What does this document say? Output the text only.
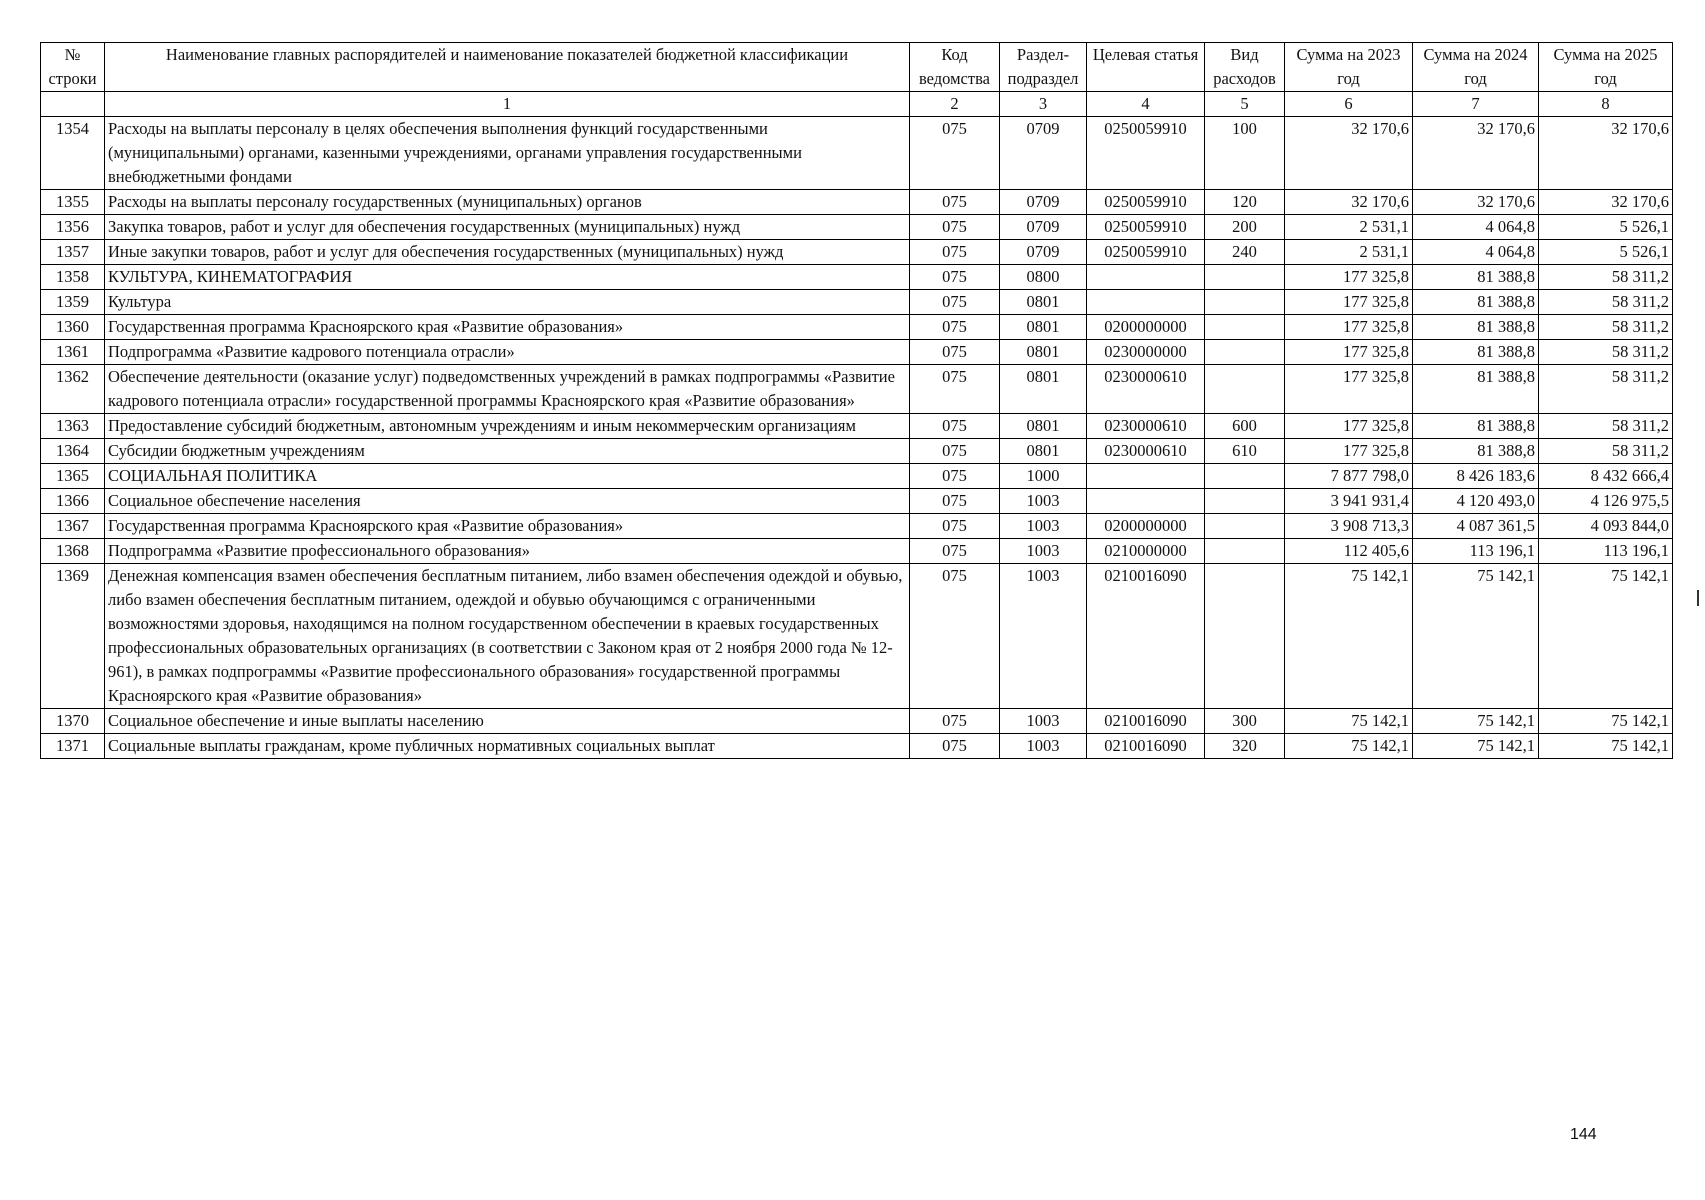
№ строки	Наименование главных распорядителей и наименование показателей бюджетной классификации	Код ведомства	Раздел-подраздел	Целевая статья	Вид расходов	Сумма на 2023 год	Сумма на 2024 год	Сумма на 2025 год
	1	2	3	4	5	6	7	8
1354	Расходы на выплаты персоналу в целях обеспечения выполнения функций государственными (муниципальными) органами, казенными учреждениями, органами управления государственными внебюджетными фондами	075	0709	0250059910	100	32 170,6	32 170,6	32 170,6
1355	Расходы на выплаты персоналу государственных (муниципальных) органов	075	0709	0250059910	120	32 170,6	32 170,6	32 170,6
1356	Закупка товаров, работ и услуг для обеспечения государственных (муниципальных) нужд	075	0709	0250059910	200	2 531,1	4 064,8	5 526,1
1357	Иные закупки товаров, работ и услуг для обеспечения государственных (муниципальных) нужд	075	0709	0250059910	240	2 531,1	4 064,8	5 526,1
1358	КУЛЬТУРА, КИНЕМАТОГРАФИЯ	075	0800			177 325,8	81 388,8	58 311,2
1359	Культура	075	0801			177 325,8	81 388,8	58 311,2
1360	Государственная программа Красноярского края «Развитие образования»	075	0801	0200000000		177 325,8	81 388,8	58 311,2
1361	Подпрограмма «Развитие кадрового потенциала отрасли»	075	0801	0230000000		177 325,8	81 388,8	58 311,2
1362	Обеспечение деятельности (оказание услуг) подведомственных учреждений в рамках подпрограммы «Развитие кадрового потенциала отрасли» государственной программы Красноярского края «Развитие образования»	075	0801	0230000610		177 325,8	81 388,8	58 311,2
1363	Предоставление субсидий бюджетным, автономным учреждениям и иным некоммерческим организациям	075	0801	0230000610	600	177 325,8	81 388,8	58 311,2
1364	Субсидии бюджетным учреждениям	075	0801	0230000610	610	177 325,8	81 388,8	58 311,2
1365	СОЦИАЛЬНАЯ ПОЛИТИКА	075	1000			7 877 798,0	8 426 183,6	8 432 666,4
1366	Социальное обеспечение населения	075	1003			3 941 931,4	4 120 493,0	4 126 975,5
1367	Государственная программа Красноярского края «Развитие образования»	075	1003	0200000000		3 908 713,3	4 087 361,5	4 093 844,0
1368	Подпрограмма «Развитие профессионального образования»	075	1003	0210000000		112 405,6	113 196,1	113 196,1
1369	Денежная компенсация взамен обеспечения бесплатным питанием, либо взамен обеспечения одеждой и обувью, либо взамен обеспечения бесплатным питанием, одеждой и обувью обучающимся с ограниченными возможностями здоровья, находящимся на полном государственном обеспечении в краевых государственных профессиональных образовательных организациях (в соответствии с Законом края от 2 ноября 2000 года № 12-961), в рамках подпрограммы «Развитие профессионального образования» государственной программы Красноярского края «Развитие образования»	075	1003	0210016090		75 142,1	75 142,1	75 142,1
1370	Социальное обеспечение и иные выплаты населению	075	1003	0210016090	300	75 142,1	75 142,1	75 142,1
1371	Социальные выплаты гражданам, кроме публичных нормативных социальных выплат	075	1003	0210016090	320	75 142,1	75 142,1	75 142,1
144
